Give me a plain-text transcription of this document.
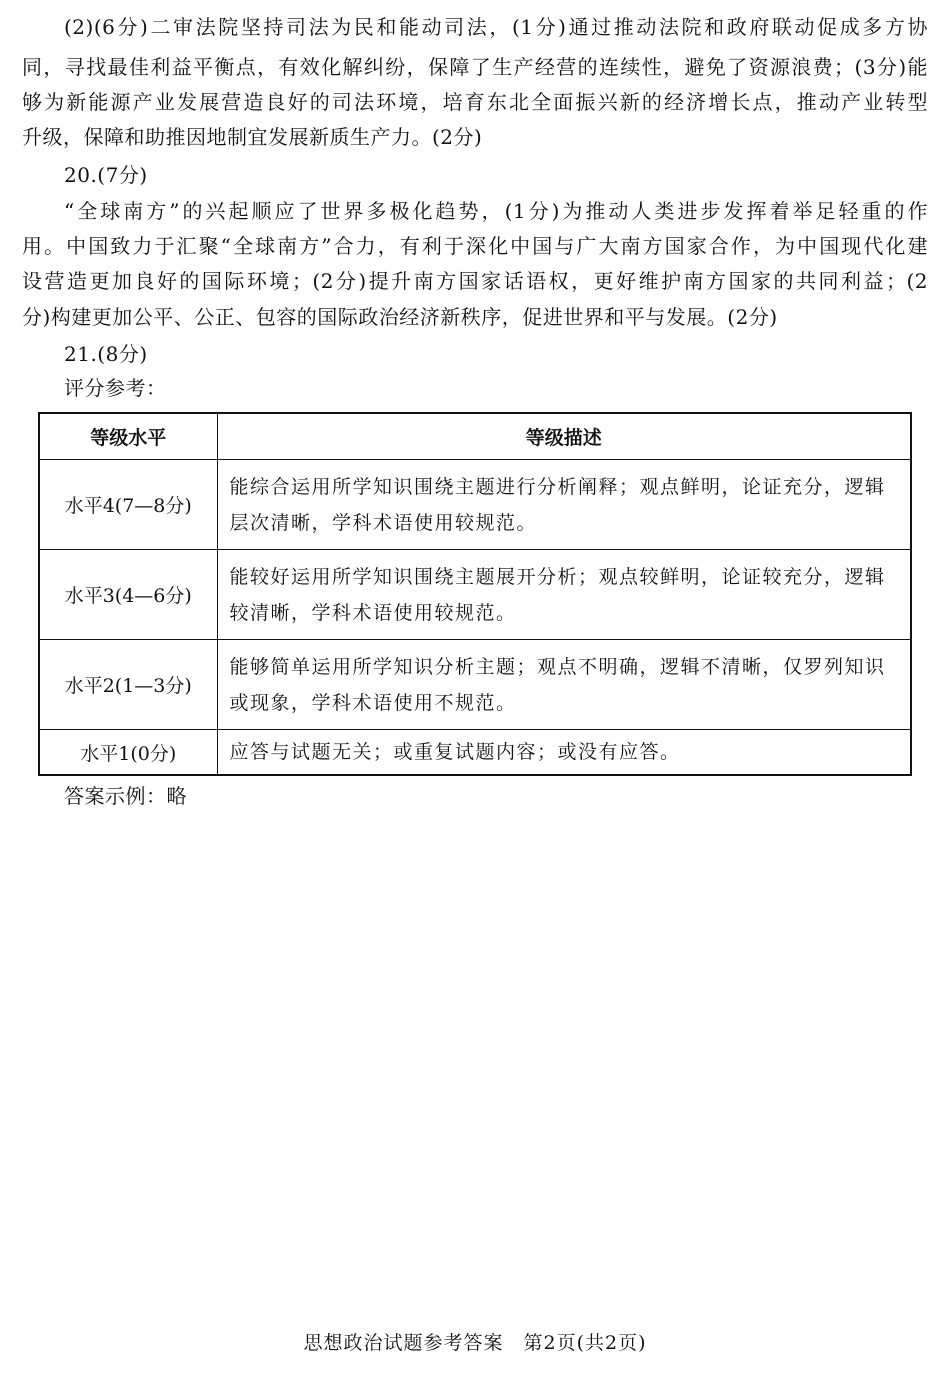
(2)(6分)二审法院坚持司法为民和能动司法，(1分)通过推动法院和政府联动促成多方协
同，寻找最佳利益平衡点，有效化解纠纷，保障了生产经营的连续性，避免了资源浪费；(3分)能
够为新能源产业发展营造良好的司法环境，培育东北全面振兴新的经济增长点，推动产业转型
升级，保障和助推因地制宜发展新质生产力。(2分)
20.(7分)
“全球南方”的兴起顺应了世界多极化趋势，(1分)为推动人类进步发挥着举足轻重的作
用。中国致力于汇聚“全球南方”合力，有利于深化中国与广大南方国家合作，为中国现代化建
设营造更加良好的国际环境；(2分)提升南方国家话语权，更好维护南方国家的共同利益；(2
分)构建更加公平、公正、包容的国际政治经济新秩序，促进世界和平与发展。(2分)
21.(8分)
评分参考：
等级水平	等级描述
水平4(7—8分)	能综合运用所学知识围绕主题进行分析阐释；观点鲜明，论证充分，逻辑层次清晰，学科术语使用较规范。
水平3(4—6分)	能较好运用所学知识围绕主题展开分析；观点较鲜明，论证较充分，逻辑较清晰，学科术语使用较规范。
水平2(1—3分)	能够简单运用所学知识分析主题；观点不明确，逻辑不清晰，仅罗列知识或现象，学科术语使用不规范。
水平1(0分)	应答与试题无关；或重复试题内容；或没有应答。
答案示例：略
思想政治试题参考答案　第2页(共2页)
